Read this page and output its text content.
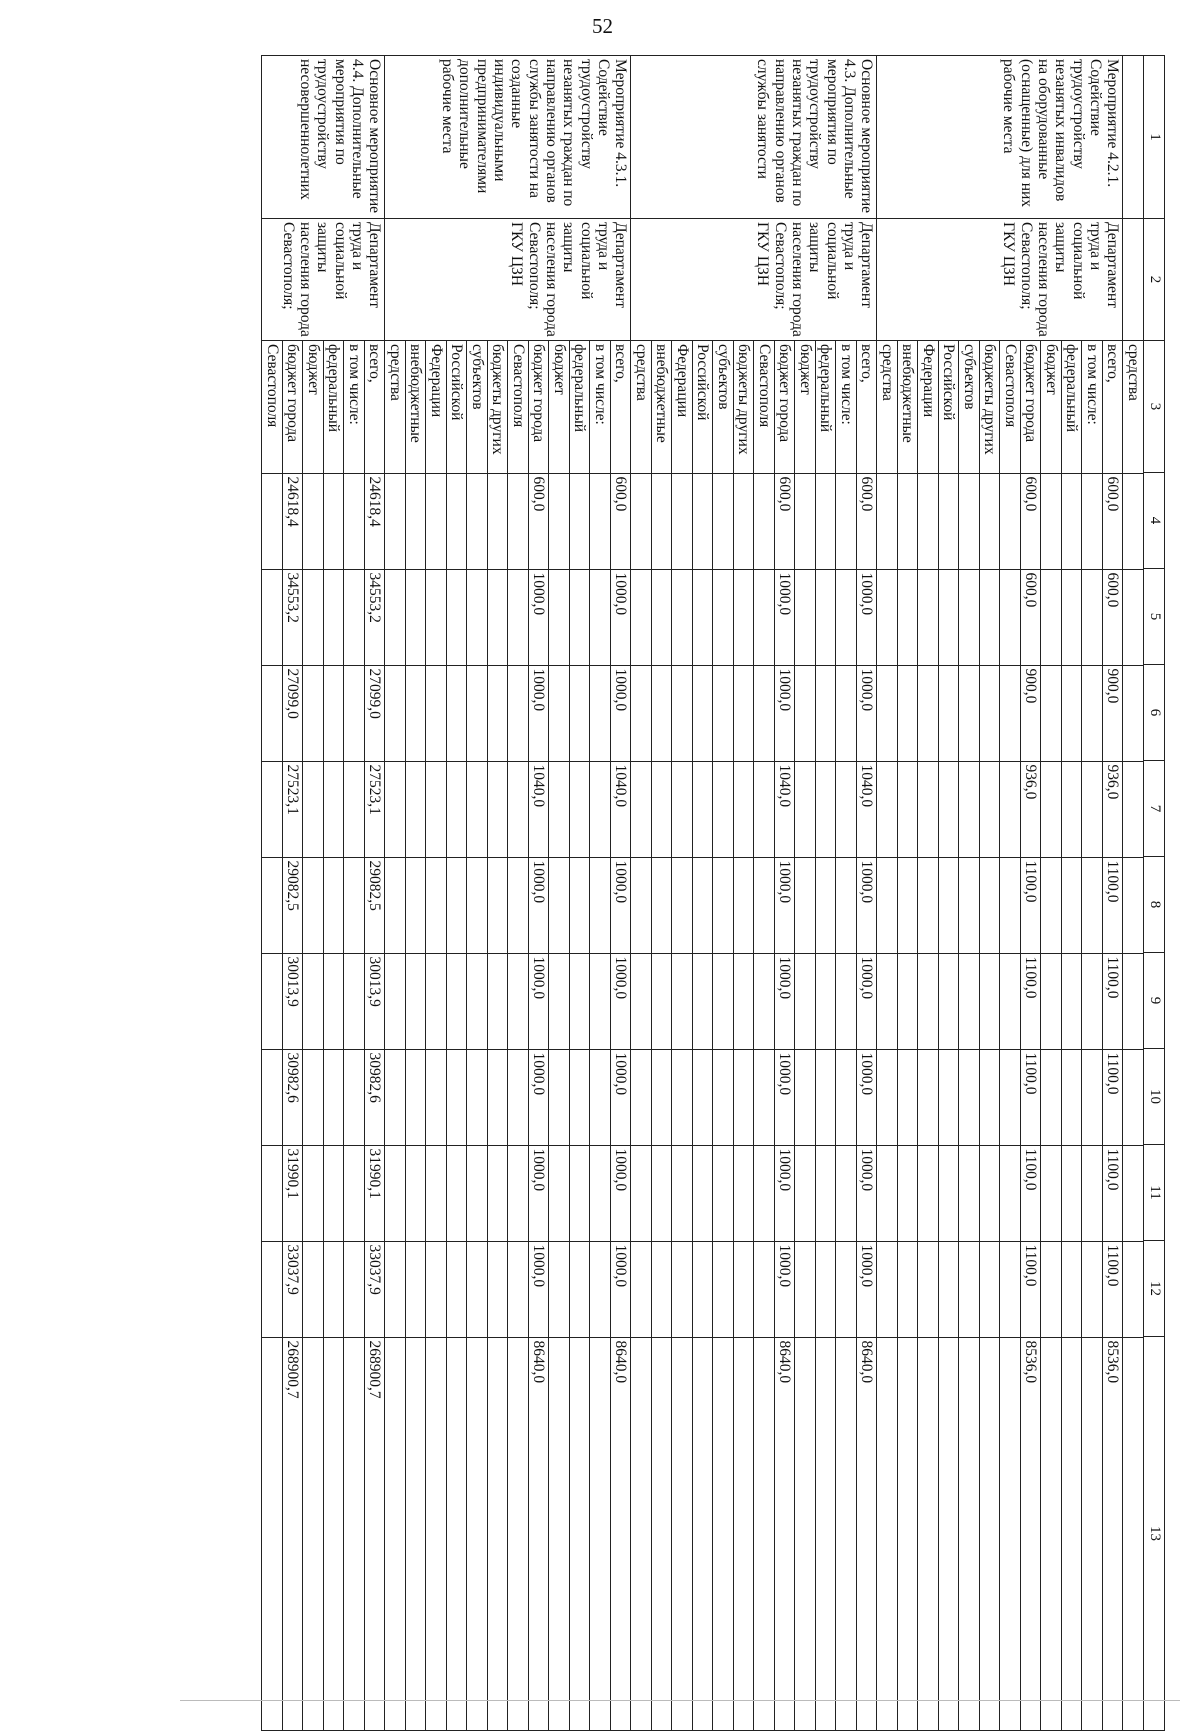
52
1	2	3	4	5	6	7	8	9	10	11	12	13

средства										

Мероприятие 4.2.1. Содействие трудоустройству незанятых инвалидов на оборудованные (оснащенные) для них рабочие места	Департамент труда и социальной защиты населения города Севастополя; ГКУ ЦЗН	
всего,	600,0	600,0	900,0	936,0	1100,0	1100,0	1100,0	1100,0	1100,0	8536,0
в том числе:										
федеральный										
бюджет										
бюджет города	600,0	600,0	900,0	936,0	1100,0	1100,0	1100,0	1100,0	1100,0	8536,0
Севастополя										
бюджеты других										
субъектов										
Российской										
Федерации										
внебюджетные										
средства										

Основное мероприятие 4.3. Дополнительные мероприятия по трудоустройству незанятых граждан по направлению органов службы занятости	Департамент труда и социальной защиты населения города Севастополя; ГКУ ЦЗН	
всего,	600,0	1000,0	1000,0	1040,0	1000,0	1000,0	1000,0	1000,0	1000,0	8640,0
в том числе:										
федеральный										
бюджет										
бюджет города	600,0	1000,0	1000,0	1040,0	1000,0	1000,0	1000,0	1000,0	1000,0	8640,0
Севастополя										
бюджеты других										
субъектов										
Российской										
Федерации										
внебюджетные										
средства										

Мероприятие 4.3.1. Содействие трудоустройству незанятых граждан по направлению органов службы занятости на созданные индивидуальными предпринимателями дополнительные рабочие места	Департамент труда и социальной защиты населения города Севастополя; ГКУ ЦЗН	
всего,	600,0	1000,0	1000,0	1040,0	1000,0	1000,0	1000,0	1000,0	1000,0	8640,0
в том числе:										
федеральный										
бюджет										
бюджет города	600,0	1000,0	1000,0	1040,0	1000,0	1000,0	1000,0	1000,0	1000,0	8640,0
Севастополя										
бюджеты других										
субъектов										
Российской										
Федерации										
внебюджетные										
средства										

Основное мероприятие 4.4. Дополнительные мероприятия по трудоустройству несовершеннолетних	Департамент труда и социальной защиты населения города Севастополя;	
всего,	24618,4	34553,2	27099,0	27523,1	29082,5	30013,9	30982,6	31990,1	33037,9	268900,7
в том числе:										
федеральный										
бюджет										
бюджет города	24618,4	34553,2	27099,0	27523,1	29082,5	30013,9	30982,6	31990,1	33037,9	268900,7
Севастополя										
